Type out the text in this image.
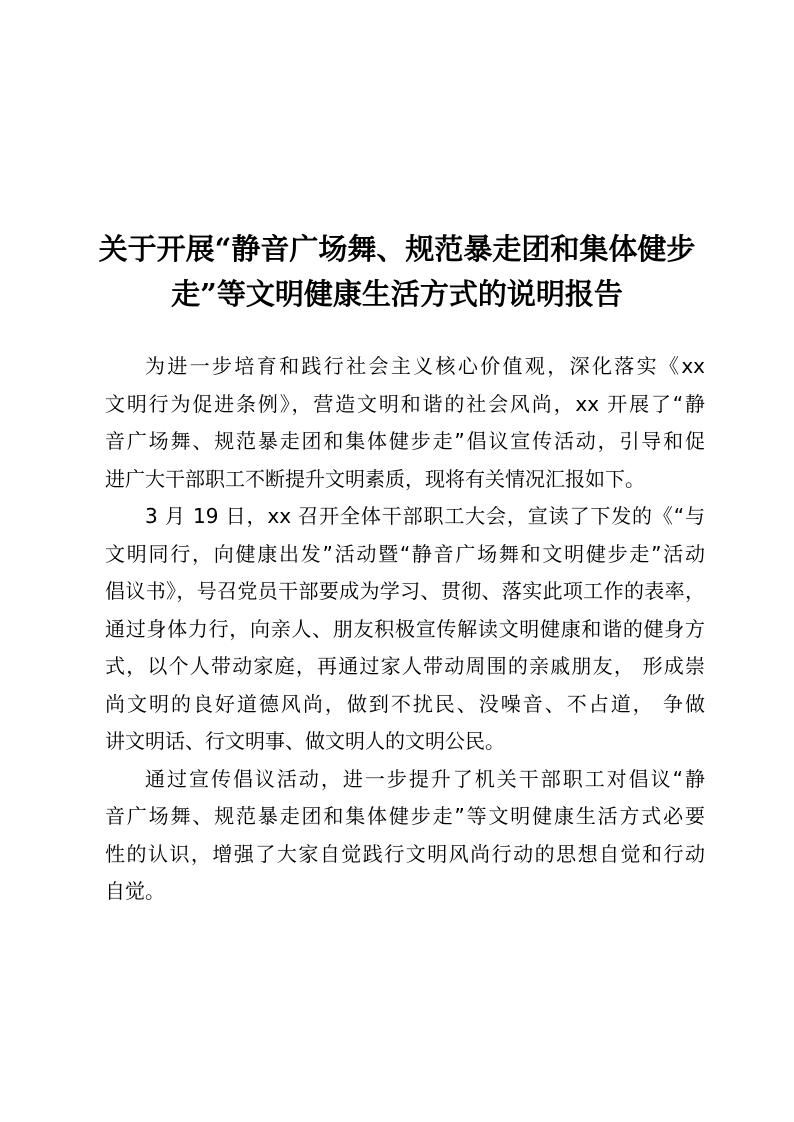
关于开展“静音广场舞、规范暴走团和集体健步
走”等文明健康生活方式的说明报告

为进一步培育和践行社会主义核心价值观，深化落实《xx
文明行为促进条例》，营造文明和谐的社会风尚，xx 开展了“静
音广场舞、规范暴走团和集体健步走”倡议宣传活动，引导和促
进广大干部职工不断提升文明素质，现将有关情况汇报如下。

3 月 19 日，xx 召开全体干部职工大会，宣读了下发的《“与
文明同行，向健康出发”活动暨“静音广场舞和文明健步走”活动
倡议书》，号召党员干部要成为学习、贯彻、落实此项工作的表率，
通过身体力行，向亲人、朋友积极宣传解读文明健康和谐的健身方
式，以个人带动家庭，再通过家人带动周围的亲戚朋友， 形成崇
尚文明的良好道德风尚，做到不扰民、没噪音、不占道， 争做
讲文明话、行文明事、做文明人的文明公民。

通过宣传倡议活动，进一步提升了机关干部职工对倡议“静
音广场舞、规范暴走团和集体健步走”等文明健康生活方式必要
性的认识，增强了大家自觉践行文明风尚行动的思想自觉和行动
自觉。
